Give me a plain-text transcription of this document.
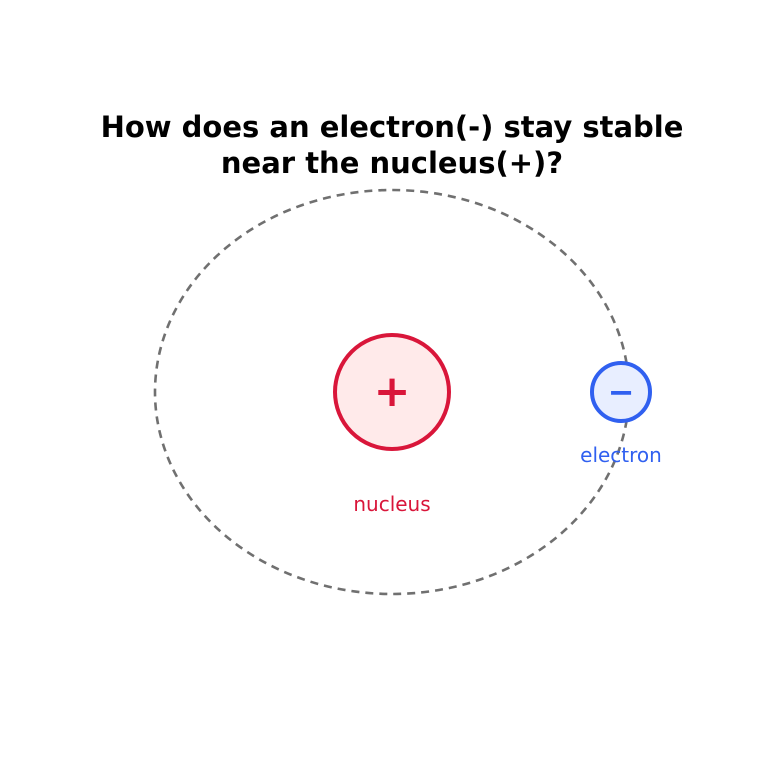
How does an electron(-) stay stable
near the nucleus(+)?
+
nucleus
−
electron
